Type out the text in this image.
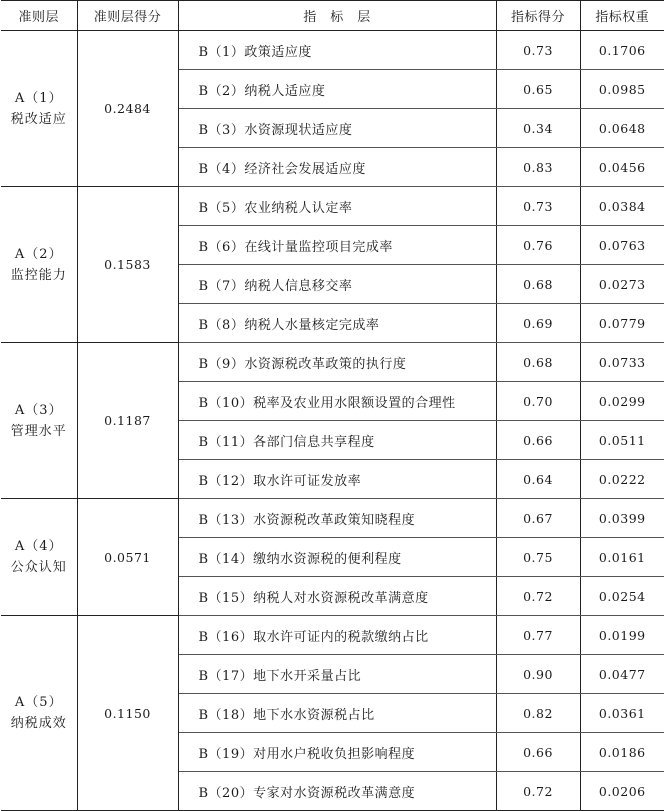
准则层	准则层得分	指　标　层	指标得分	指标权重

A（1）
税改适应	0.2484	B（1）政策适应度	0.73	0.1706
		B（2）纳税人适应度	0.65	0.0985
		B（3）水资源现状适应度	0.34	0.0648
		B（4）经济社会发展适应度	0.83	0.0456

A（2）
监控能力	0.1583	B（5）农业纳税人认定率	0.73	0.0384
		B（6）在线计量监控项目完成率	0.76	0.0763
		B（7）纳税人信息移交率	0.68	0.0273
		B（8）纳税人水量核定完成率	0.69	0.0779

A（3）
管理水平	0.1187	B（9）水资源税改革政策的执行度	0.68	0.0733
		B（10）税率及农业用水限额设置的合理性	0.70	0.0299
		B（11）各部门信息共享程度	0.66	0.0511
		B（12）取水许可证发放率	0.64	0.0222

A（4）
公众认知	0.0571	B（13）水资源税改革政策知晓程度	0.67	0.0399
		B（14）缴纳水资源税的便利程度	0.75	0.0161
		B（15）纳税人对水资源税改革满意度	0.72	0.0254

A（5）
纳税成效	0.1150	B（16）取水许可证内的税款缴纳占比	0.77	0.0199
		B（17）地下水开采量占比	0.90	0.0477
		B（18）地下水水资源税占比	0.82	0.0361
		B（19）对用水户税收负担影响程度	0.66	0.0186
		B（20）专家对水资源税改革满意度	0.72	0.0206
